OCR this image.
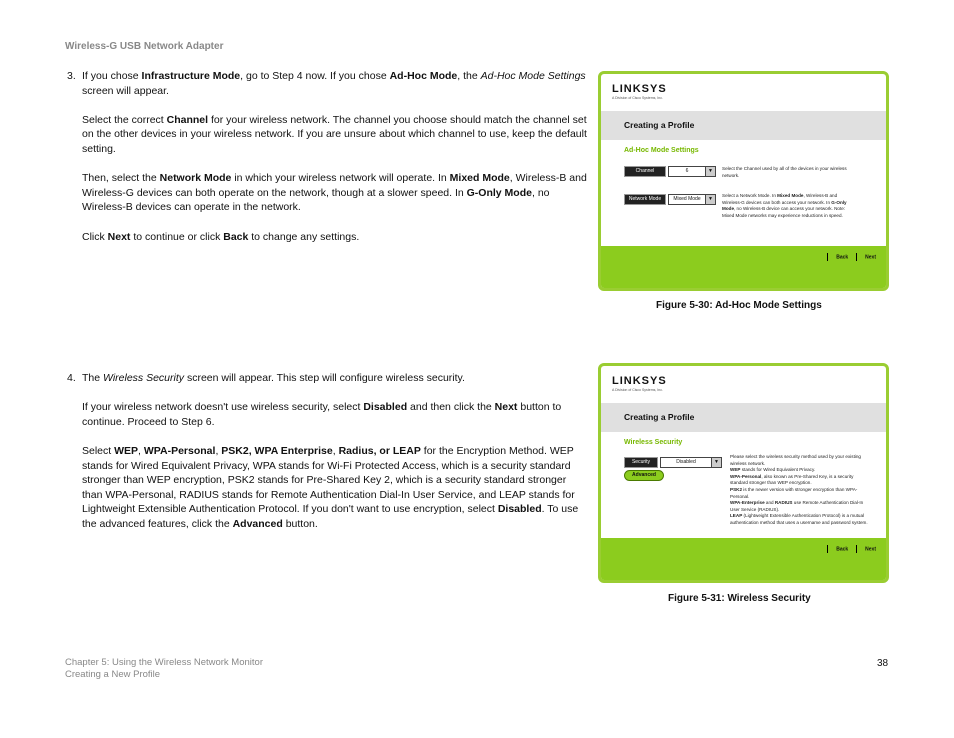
Wireless-G USB Network Adapter
3. If you chose Infrastructure Mode, go to Step 4 now. If you chose Ad-Hoc Mode, the Ad-Hoc Mode Settings screen will appear.

Select the correct Channel for your wireless network. The channel you choose should match the channel set on the other devices in your wireless network. If you are unsure about which channel to use, keep the default setting.

Then, select the Network Mode in which your wireless network will operate. In Mixed Mode, Wireless-B and Wireless-G devices can both operate on the network, though at a slower speed. In G-Only Mode, no Wireless-B devices can operate in the network.

Click Next to continue or click Back to change any settings.

LINKSYS
A Division of Cisco Systems, Inc.
Creating a Profile
Ad-Hoc Mode Settings
Channel	6	▼	Select the Channel used by all of the devices in your wireless network.
Network Mode	Mixed Mode	▼
Select a Network Mode. In Mixed Mode, Wireless-B and Wireless-G devices can both access your network. In G-Only Mode, no Wireless-B device can access your network. Note: Mixed Mode networks may experience reductions in speed.
Back	Next
Figure 5-30: Ad-Hoc Mode Settings
4. The Wireless Security screen will appear. This step will configure wireless security.

If your wireless network doesn't use wireless security, select Disabled and then click the Next button to continue. Proceed to Step 6.

Select WEP, WPA-Personal, PSK2, WPA Enterprise, Radius, or LEAP for the Encryption Method. WEP stands for Wired Equivalent Privacy, WPA stands for Wi-Fi Protected Access, which is a security standard stronger than WEP encryption, PSK2 stands for Pre-Shared Key 2, which is a security standard stronger than WPA-Personal, RADIUS stands for Remote Authentication Dial-In User Service, and LEAP stands for Lightweight Extensible Authentication Protocol. If you don't want to use encryption, select Disabled. To use the advanced features, click the Advanced button.

LINKSYS
A Division of Cisco Systems, Inc.
Creating a Profile
Wireless Security
Security	Disabled	▼
Advanced
Please select the wireless security method used by your existing wireless network.
WEP stands for Wired Equivalent Privacy.
WPA-Personal, also known as Pre-Shared Key, is a security standard stronger than WEP encryption.
PSK2 is the newer version with stronger encryption than WPA-Personal.
WPA-Enterprise and RADIUS use Remote Authentication Dial-In User Service (RADIUS).
LEAP (Lightweight Extensible Authentication Protocol) is a mutual authentication method that uses a username and password system.
Back	Next
Figure 5-31: Wireless Security
Chapter 5: Using the Wireless Network Monitor
Creating a New Profile
38
